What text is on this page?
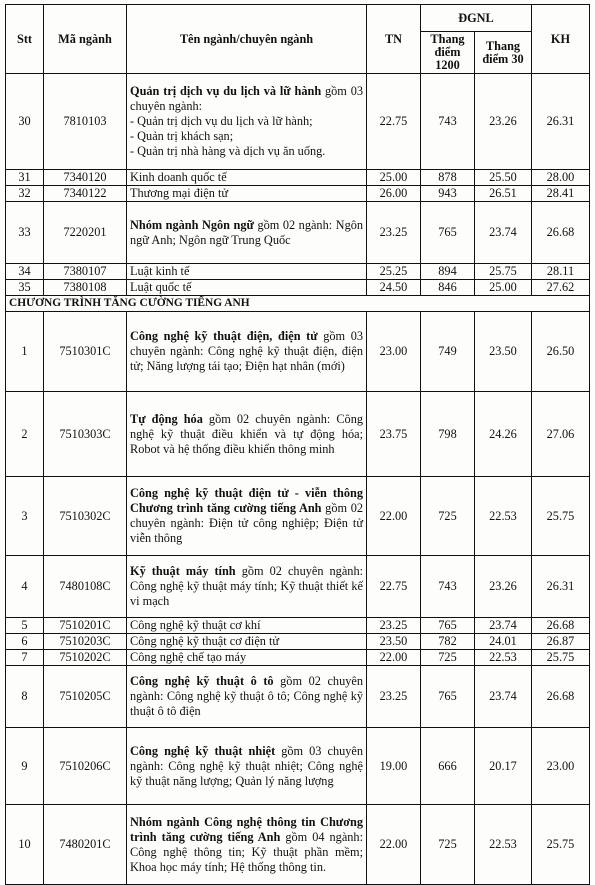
Stt	Mã ngành	Tên ngành/chuyên ngành	TN	ĐGNL		KH
				Thang điểm 1200	Thang điểm 30	
30	7810103	Quản trị dịch vụ du lịch và lữ hành gồm 03 chuyên ngành:
- Quản trị dịch vụ du lịch và lữ hành;
- Quản trị khách sạn;
- Quản trị nhà hàng và dịch vụ ăn uống.	22.75	743	23.26	26.31
31	7340120	Kinh doanh quốc tế	25.00	878	25.50	28.00
32	7340122	Thương mại điện tử	26.00	943	26.51	28.41
33	7220201	Nhóm ngành Ngôn ngữ gồm 02 ngành: Ngôn ngữ Anh; Ngôn ngữ Trung Quốc	23.25	765	23.74	26.68
34	7380107	Luật kinh tế	25.25	894	25.75	28.11
35	7380108	Luật quốc tế	24.50	846	25.00	27.62
CHƯƠNG TRÌNH TĂNG CƯỜNG TIẾNG ANH						
1	7510301C	Công nghệ kỹ thuật điện, điện tử gồm 03 chuyên ngành: Công nghệ kỹ thuật điện, điện tử; Năng lượng tái tạo; Điện hạt nhân (mới)	23.00	749	23.50	26.50
2	7510303C	Tự động hóa gồm 02 chuyên ngành: Công nghệ kỹ thuật điều khiển và tự động hóa; Robot và hệ thống điều khiển thông minh	23.75	798	24.26	27.06
3	7510302C	Công nghệ kỹ thuật điện tử - viễn thông Chương trình tăng cường tiếng Anh gồm 02 chuyên ngành: Điện tử công nghiệp; Điện tử viễn thông	22.00	725	22.53	25.75
4	7480108C	Kỹ thuật máy tính gồm 02 chuyên ngành: Công nghệ kỹ thuật máy tính; Kỹ thuật thiết kế vi mạch	22.75	743	23.26	26.31
5	7510201C	Công nghệ kỹ thuật cơ khí	23.25	765	23.74	26.68
6	7510203C	Công nghệ kỹ thuật cơ điện tử	23.50	782	24.01	26.87
7	7510202C	Công nghệ chế tạo máy	22.00	725	22.53	25.75
8	7510205C	Công nghệ kỹ thuật ô tô gồm 02 chuyên ngành: Công nghệ kỹ thuật ô tô; Công nghệ kỹ thuật ô tô điện	23.25	765	23.74	26.68
9	7510206C	Công nghệ kỹ thuật nhiệt gồm 03 chuyên ngành: Công nghệ kỹ thuật nhiệt; Công nghệ kỹ thuật năng lượng; Quản lý năng lượng	19.00	666	20.17	23.00
10	7480201C	Nhóm ngành Công nghệ thông tin Chương trình tăng cường tiếng Anh gồm 04 ngành: Công nghệ thông tin; Kỹ thuật phần mềm; Khoa học máy tính; Hệ thống thông tin.	22.00	725	22.53	25.75
